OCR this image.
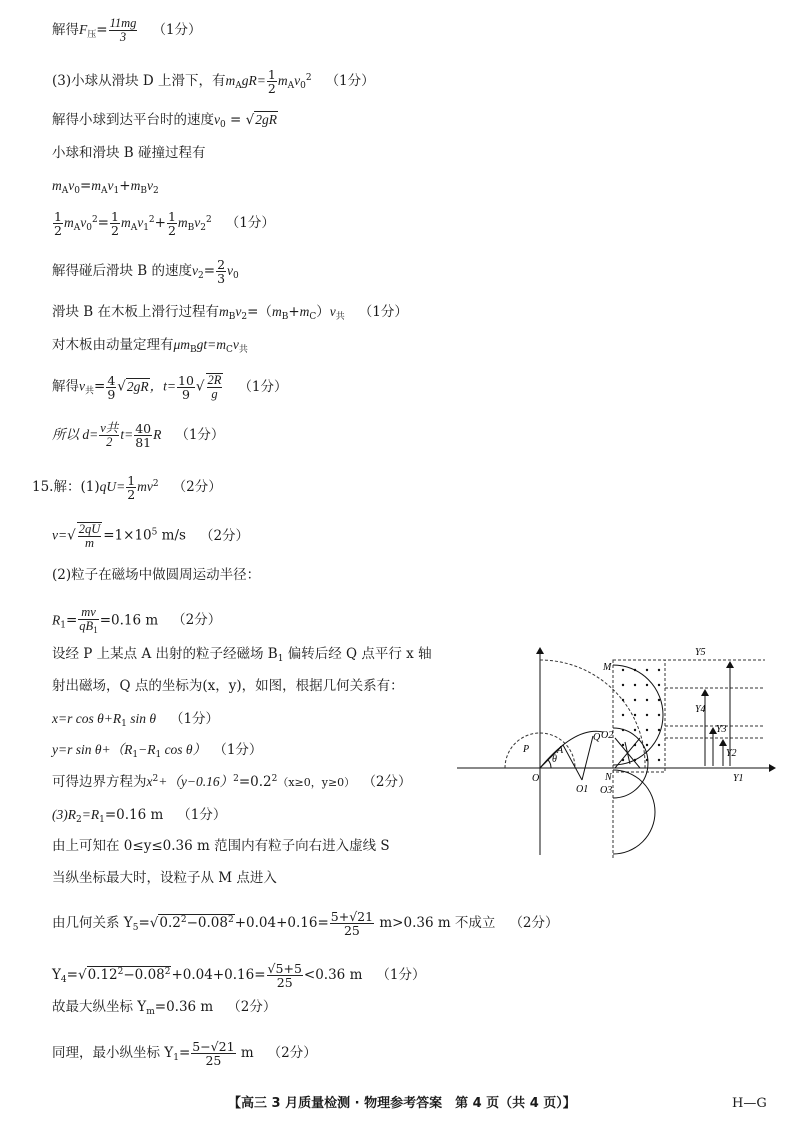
解得$F_压= \frac{11mg}{3} (1$分）
(3)小球从滑块 D 上滑下，有$m_AgR= \frac{1}{2} m_Av_0^2$ （1分）
解得小球到达平台时的速度$v_0 = √2gR$
小球和滑块 B 碰撞过程有
$m_Av_0=m_Av_1+m_Bv_2$
$\frac{1}{2} m_Av_0^2= \frac{1}{2} m_Av_1^2+ \frac{1}{2} m_Bv_2^2$ （1分）
解得碰后滑块 B 的速度$v_2= \frac{2}{3} v_0$
滑块 B 在木板上滑行过程有$m_Bv_2=(m_B+m_C)v_共$ （1分）
对木板由动量定理有$\mu m_Bgt=m_Cv_共$
解得$v_共= \frac{4}{9} √2gR$，$t= \frac{10}{9}$ √ $\frac{2R}{g} (1$分）
所以 d= v共
2 $t= \frac{40}{81}$ R （1分）
15.解：$(1)qU= \frac{1}{2} mv^2$ （2分）
$v=√ \frac{2qU}{m} =1\times 10^5$ m/s （2分）
(2)粒子在磁场中做圆周运动半径：
$R_1= \frac{mv}{qB_1} =0.16$ m （2分）
设经 P 上某点 A 出射的粒子经磁场 $B_1$ 偏转后经 Q 点平行 x 轴
射出磁场，Q 点的坐标为(x，y)，如图，根据几何关系有：
x=r $\cos \theta+R_1$ sin θ （1分）
y=r $\sin \theta+(R_1-R_1$ cos θ） （1分）
可得边界方程为$x^2+(y-0.16)^2=0.2^2(x\ge 0$，y≥0） （2分）
$(3)R_2=R_1=0.16$ m （1分）
由上可知在 0≤y≤0.36 m 范围内有粒子向右进入虚线 S
当纵坐标最大时，设粒子从 M 点进入
由几何关系 $Y_5=√0.2^2-0.08^2+0.04+0.16= \frac{5+√21}{25} m>0.36$ m 不成立 （2分）
$Y_4=√0.12^2-0.08^2+0.04+0.16= \frac{√5+5}{25} <0.36$ m （1分）
故最大纵坐标 $Y_m=0.36$ m （2分）
同理，最小纵坐标 $Y_1= \frac{5-√21}{25}$ m （2分）
Y5
M
Y4
Y3
O2
Q
P
θ
A
O
O1
N
O3
Y2
Y1
【高三 3 月质量检测 · 物理参考答案　第 4 页（共 4 页）】	H—G
